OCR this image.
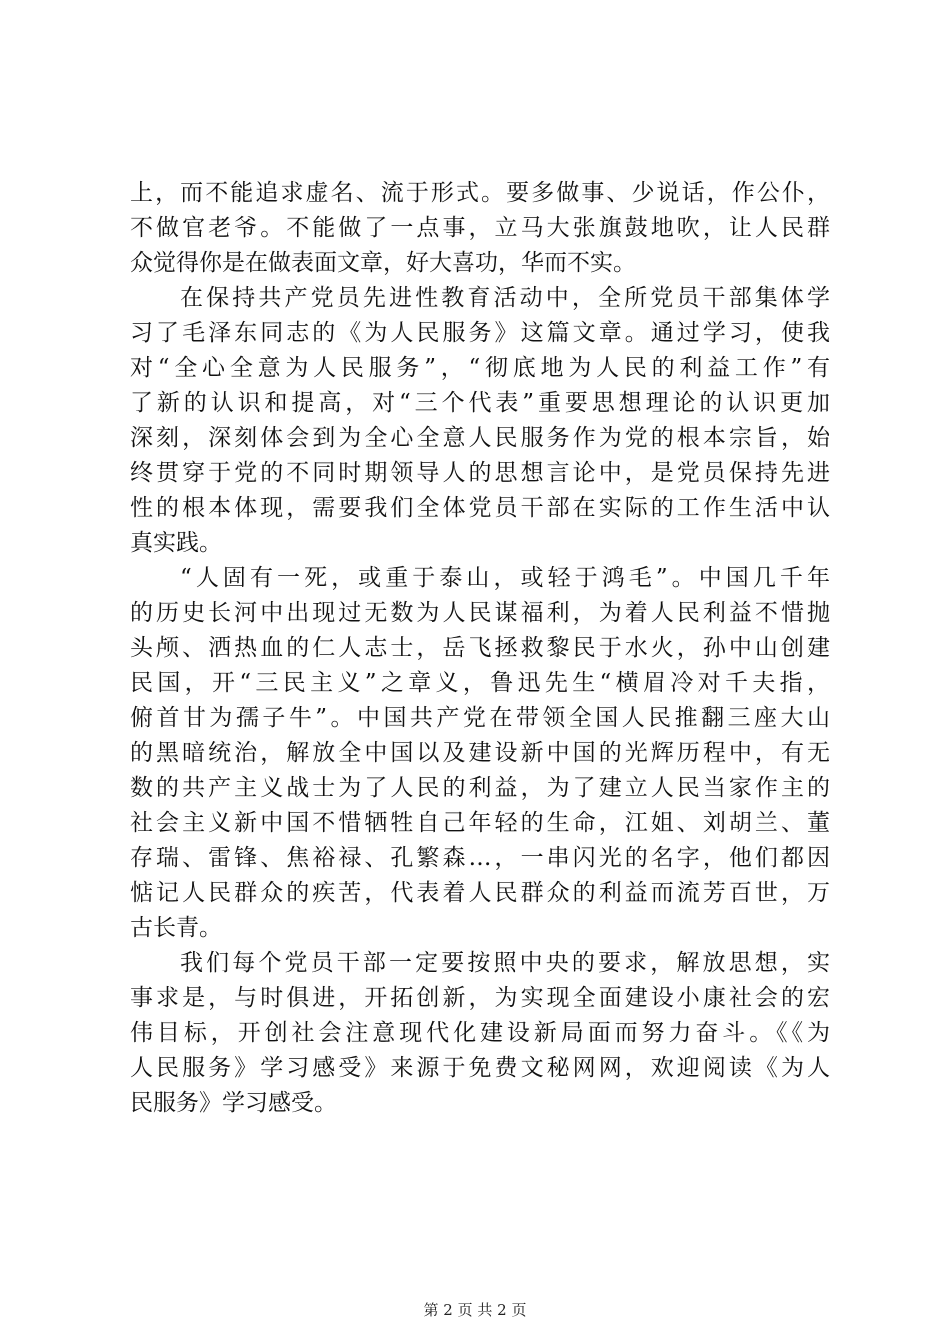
上，而不能追求虚名、流于形式。要多做事、少说话，作公仆，
不做官老爷。不能做了一点事，立马大张旗鼓地吹，让人民群
众觉得你是在做表面文章，好大喜功，华而不实。
在保持共产党员先进性教育活动中，全所党员干部集体学
习了毛泽东同志的《为人民服务》这篇文章。通过学习，使我
对“全心全意为人民服务”，“彻底地为人民的利益工作”有
了新的认识和提高，对“三个代表”重要思想理论的认识更加
深刻，深刻体会到为全心全意人民服务作为党的根本宗旨，始
终贯穿于党的不同时期领导人的思想言论中，是党员保持先进
性的根本体现，需要我们全体党员干部在实际的工作生活中认
真实践。
“人固有一死，或重于泰山，或轻于鸿毛”。中国几千年
的历史长河中出现过无数为人民谋福利，为着人民利益不惜抛
头颅、洒热血的仁人志士，岳飞拯救黎民于水火，孙中山创建
民国，开“三民主义”之章义，鲁迅先生“横眉冷对千夫指，
俯首甘为孺子牛”。中国共产党在带领全国人民推翻三座大山
的黑暗统治，解放全中国以及建设新中国的光辉历程中，有无
数的共产主义战士为了人民的利益，为了建立人民当家作主的
社会主义新中国不惜牺牲自己年轻的生命，江姐、刘胡兰、董
存瑞、雷锋、焦裕禄、孔繁森…，一串闪光的名字，他们都因
惦记人民群众的疾苦，代表着人民群众的利益而流芳百世，万
古长青。
我们每个党员干部一定要按照中央的要求，解放思想，实
事求是，与时俱进，开拓创新，为实现全面建设小康社会的宏
伟目标，开创社会注意现代化建设新局面而努力奋斗。《《为
人民服务》学习感受》来源于免费文秘网网，欢迎阅读《为人
民服务》学习感受。
第 2 页 共 2 页
